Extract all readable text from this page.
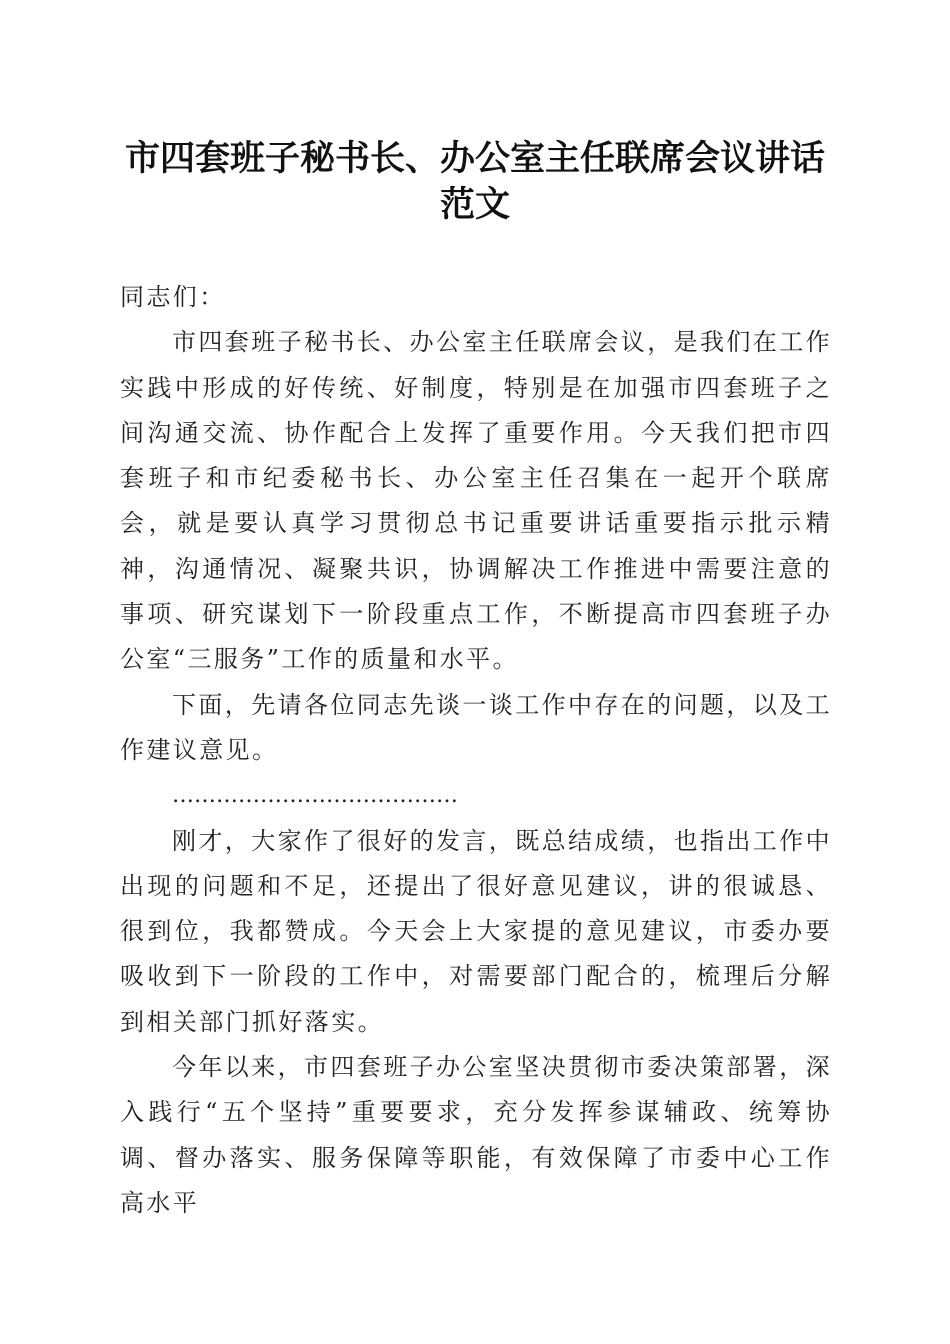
市四套班子秘书长、办公室主任联席会议讲话
范文

同志们：

市四套班子秘书长、办公室主任联席会议，是我们在工作实践中形成的好传统、好制度，特别是在加强市四套班子之间沟通交流、协作配合上发挥了重要作用。今天我们把市四套班子和市纪委秘书长、办公室主任召集在一起开个联席会，就是要认真学习贯彻总书记重要讲话重要指示批示精神，沟通情况、凝聚共识，协调解决工作推进中需要注意的事项、研究谋划下一阶段重点工作，不断提高市四套班子办公室“三服务”工作的质量和水平。

下面，先请各位同志先谈一谈工作中存在的问题，以及工作建议意见。

…………………………………

刚才，大家作了很好的发言，既总结成绩，也指出工作中出现的问题和不足，还提出了很好意见建议，讲的很诚恳、很到位，我都赞成。今天会上大家提的意见建议，市委办要吸收到下一阶段的工作中，对需要部门配合的，梳理后分解到相关部门抓好落实。

今年以来，市四套班子办公室坚决贯彻市委决策部署，深入践行“五个坚持”重要要求，充分发挥参谋辅政、统筹协调、督办落实、服务保障等职能，有效保障了市委中心工作高水平
